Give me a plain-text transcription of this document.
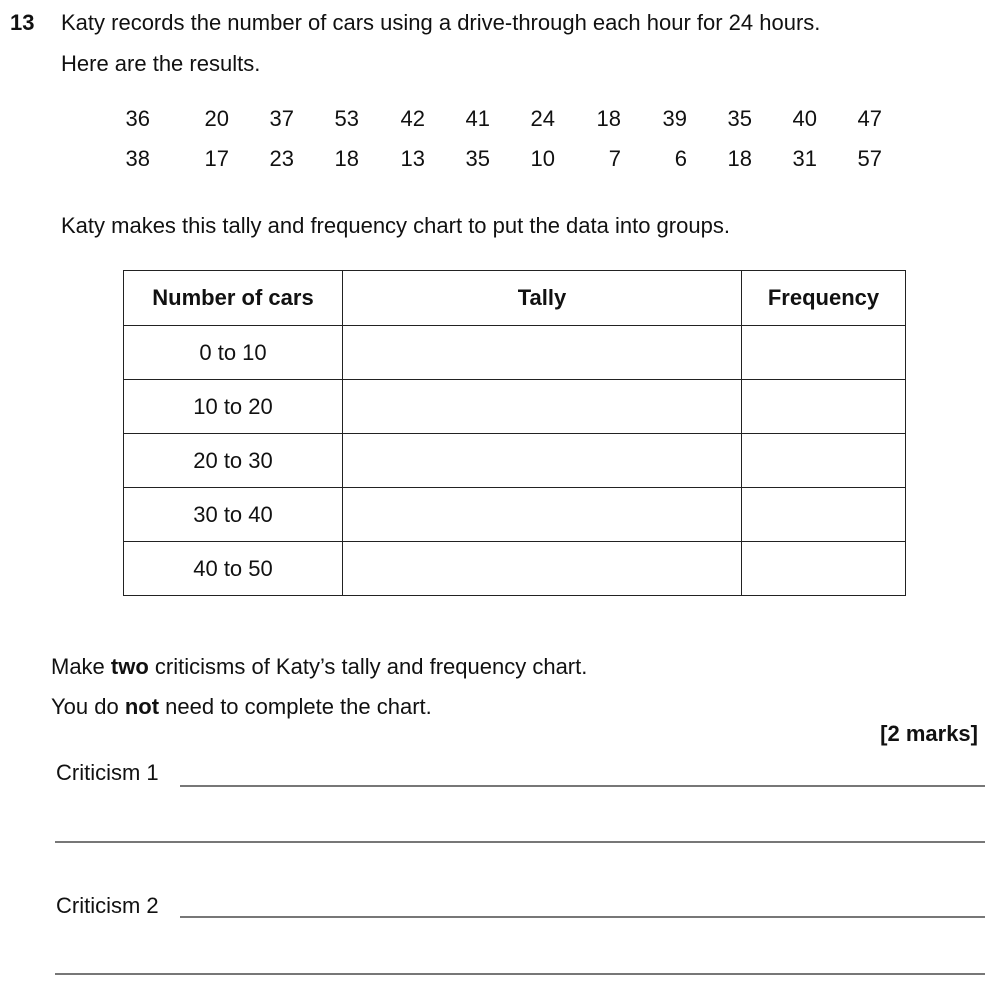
13 Katy records the number of cars using a drive-through each hour for 24 hours.
Here are the results.
36	20	37	53	42	41	24	18	39	35	40	47
38	17	23	18	13	35	10	7	6	18	31	57
Katy makes this tally and frequency chart to put the data into groups.
Number of cars	Tally	Frequency
0 to 10		
10 to 20		
20 to 30		
30 to 40		
40 to 50		
Make two criticisms of Katy’s tally and frequency chart.
You do not need to complete the chart.
[2 marks]
Criticism 1
Criticism 2
